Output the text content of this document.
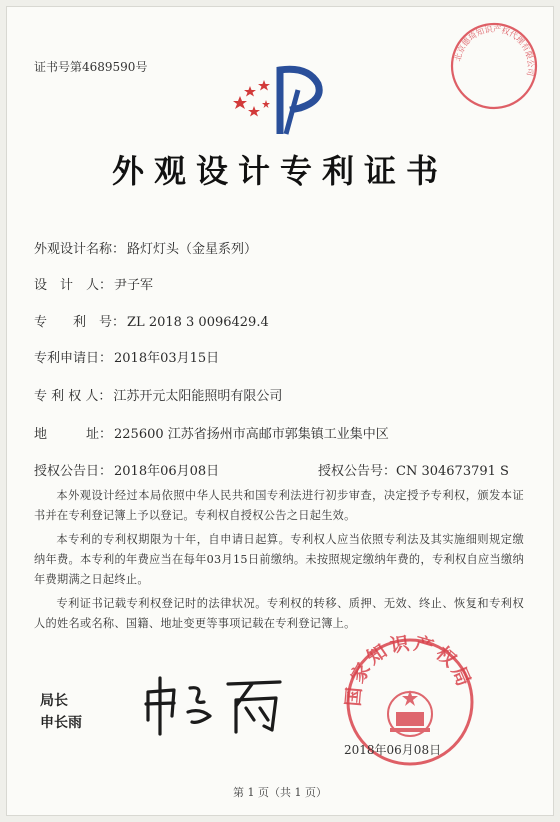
北京德琦知识产权代理有限公司
证书号第4689590号
外观设计专利证书
外观设计名称： 路灯灯头（金星系列）
设　计　人： 尹子军
专　　利　号： ZL 2018 3 0096429.4
专利申请日： 2018年03月15日
专 利 权 人： 江苏开元太阳能照明有限公司
地　　　址： 225600 江苏省扬州市高邮市郭集镇工业集中区
授权公告日： 2018年06月08日	授权公告号：CN 304673791 S
本外观设计经过本局依照中华人民共和国专利法进行初步审查，决定授予专利权，颁发本证书并在专利登记簿上予以登记。专利权自授权公告之日起生效。
本专利的专利权期限为十年，自申请日起算。专利权人应当依照专利法及其实施细则规定缴纳年费。本专利的年费应当在每年03月15日前缴纳。未按照规定缴纳年费的，专利权自应当缴纳年费期满之日起终止。
专利证书记载专利权登记时的法律状况。专利权的转移、质押、无效、终止、恢复和专利权人的姓名或名称、国籍、地址变更等事项记载在专利登记簿上。
局长
申长雨
国家知识产权局
2018年06月08日
第 1 页（共 1 页）
